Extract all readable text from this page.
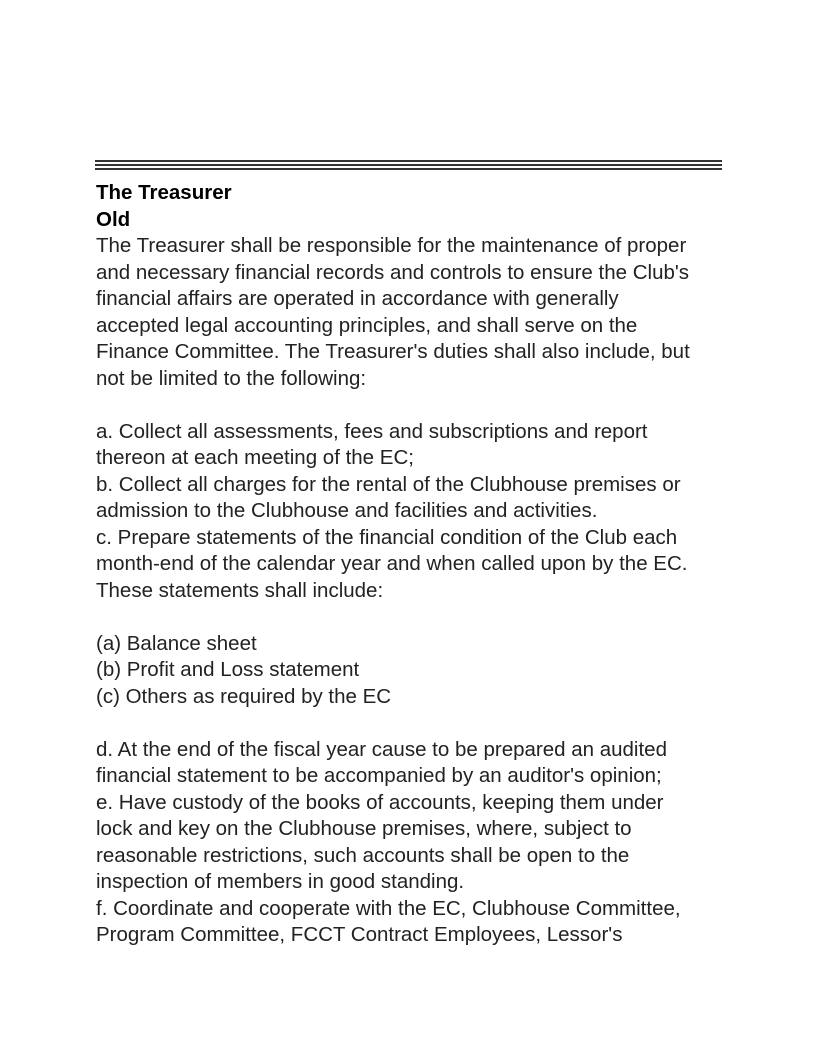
The Treasurer

Old

The Treasurer shall be responsible for the maintenance of proper
and necessary financial records and controls to ensure the Club's
financial affairs are operated in accordance with generally
accepted legal accounting principles, and shall serve on the
Finance Committee. The Treasurer's duties shall also include, but
not be limited to the following:

a. Collect all assessments, fees and subscriptions and report
thereon at each meeting of the EC;

b. Collect all charges for the rental of the Clubhouse premises or
admission to the Clubhouse and facilities and activities.

c. Prepare statements of the financial condition of the Club each
month-end of the calendar year and when called upon by the EC.
These statements shall include:

(a) Balance sheet

(b) Profit and Loss statement

(c) Others as required by the EC

d. At the end of the fiscal year cause to be prepared an audited
financial statement to be accompanied by an auditor's opinion;

e. Have custody of the books of accounts, keeping them under
lock and key on the Clubhouse premises, where, subject to
reasonable restrictions, such accounts shall be open to the
inspection of members in good standing.

f. Coordinate and cooperate with the EC, Clubhouse Committee,
Program Committee, FCCT Contract Employees, Lessor's
